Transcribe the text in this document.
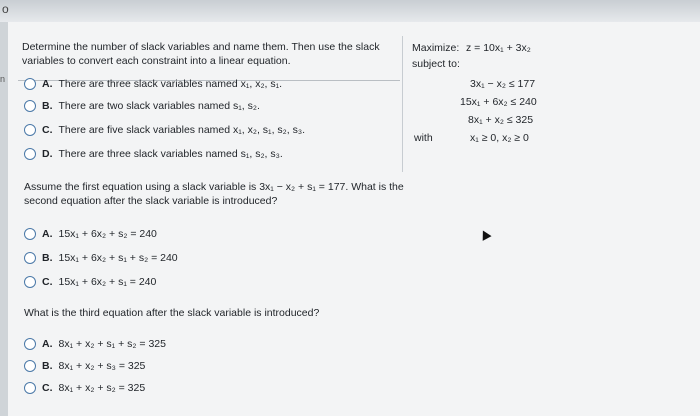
o
n

Determine the number of slack variables and name them. Then use the slack variables to convert each constraint into a linear equation.

Maximize: z = 10x₁ + 3x₂
subject to:
3x₁ − x₂ ≤ 177
15x₁ + 6x₂ ≤ 240
8x₁ + x₂ ≤ 325
with	x₁ ≥ 0, x₂ ≥ 0
A. There are three slack variables named x₁, x₂, s₁.
B. There are two slack variables named s₁, s₂.
C. There are five slack variables named x₁, x₂, s₁, s₂, s₃.
D. There are three slack variables named s₁, s₂, s₃.
Assume the first equation using a slack variable is 3x₁ − x₂ + s₁ = 177. What is the second equation after the slack variable is introduced?
A. 15x₁ + 6x₂ + s₂ = 240
B. 15x₁ + 6x₂ + s₁ + s₂ = 240
C. 15x₁ + 6x₂ + s₁ = 240
What is the third equation after the slack variable is introduced?
A. 8x₁ + x₂ + s₁ + s₂ = 325
B. 8x₁ + x₂ + s₃ = 325
C. 8x₁ + x₂ + s₂ = 325
